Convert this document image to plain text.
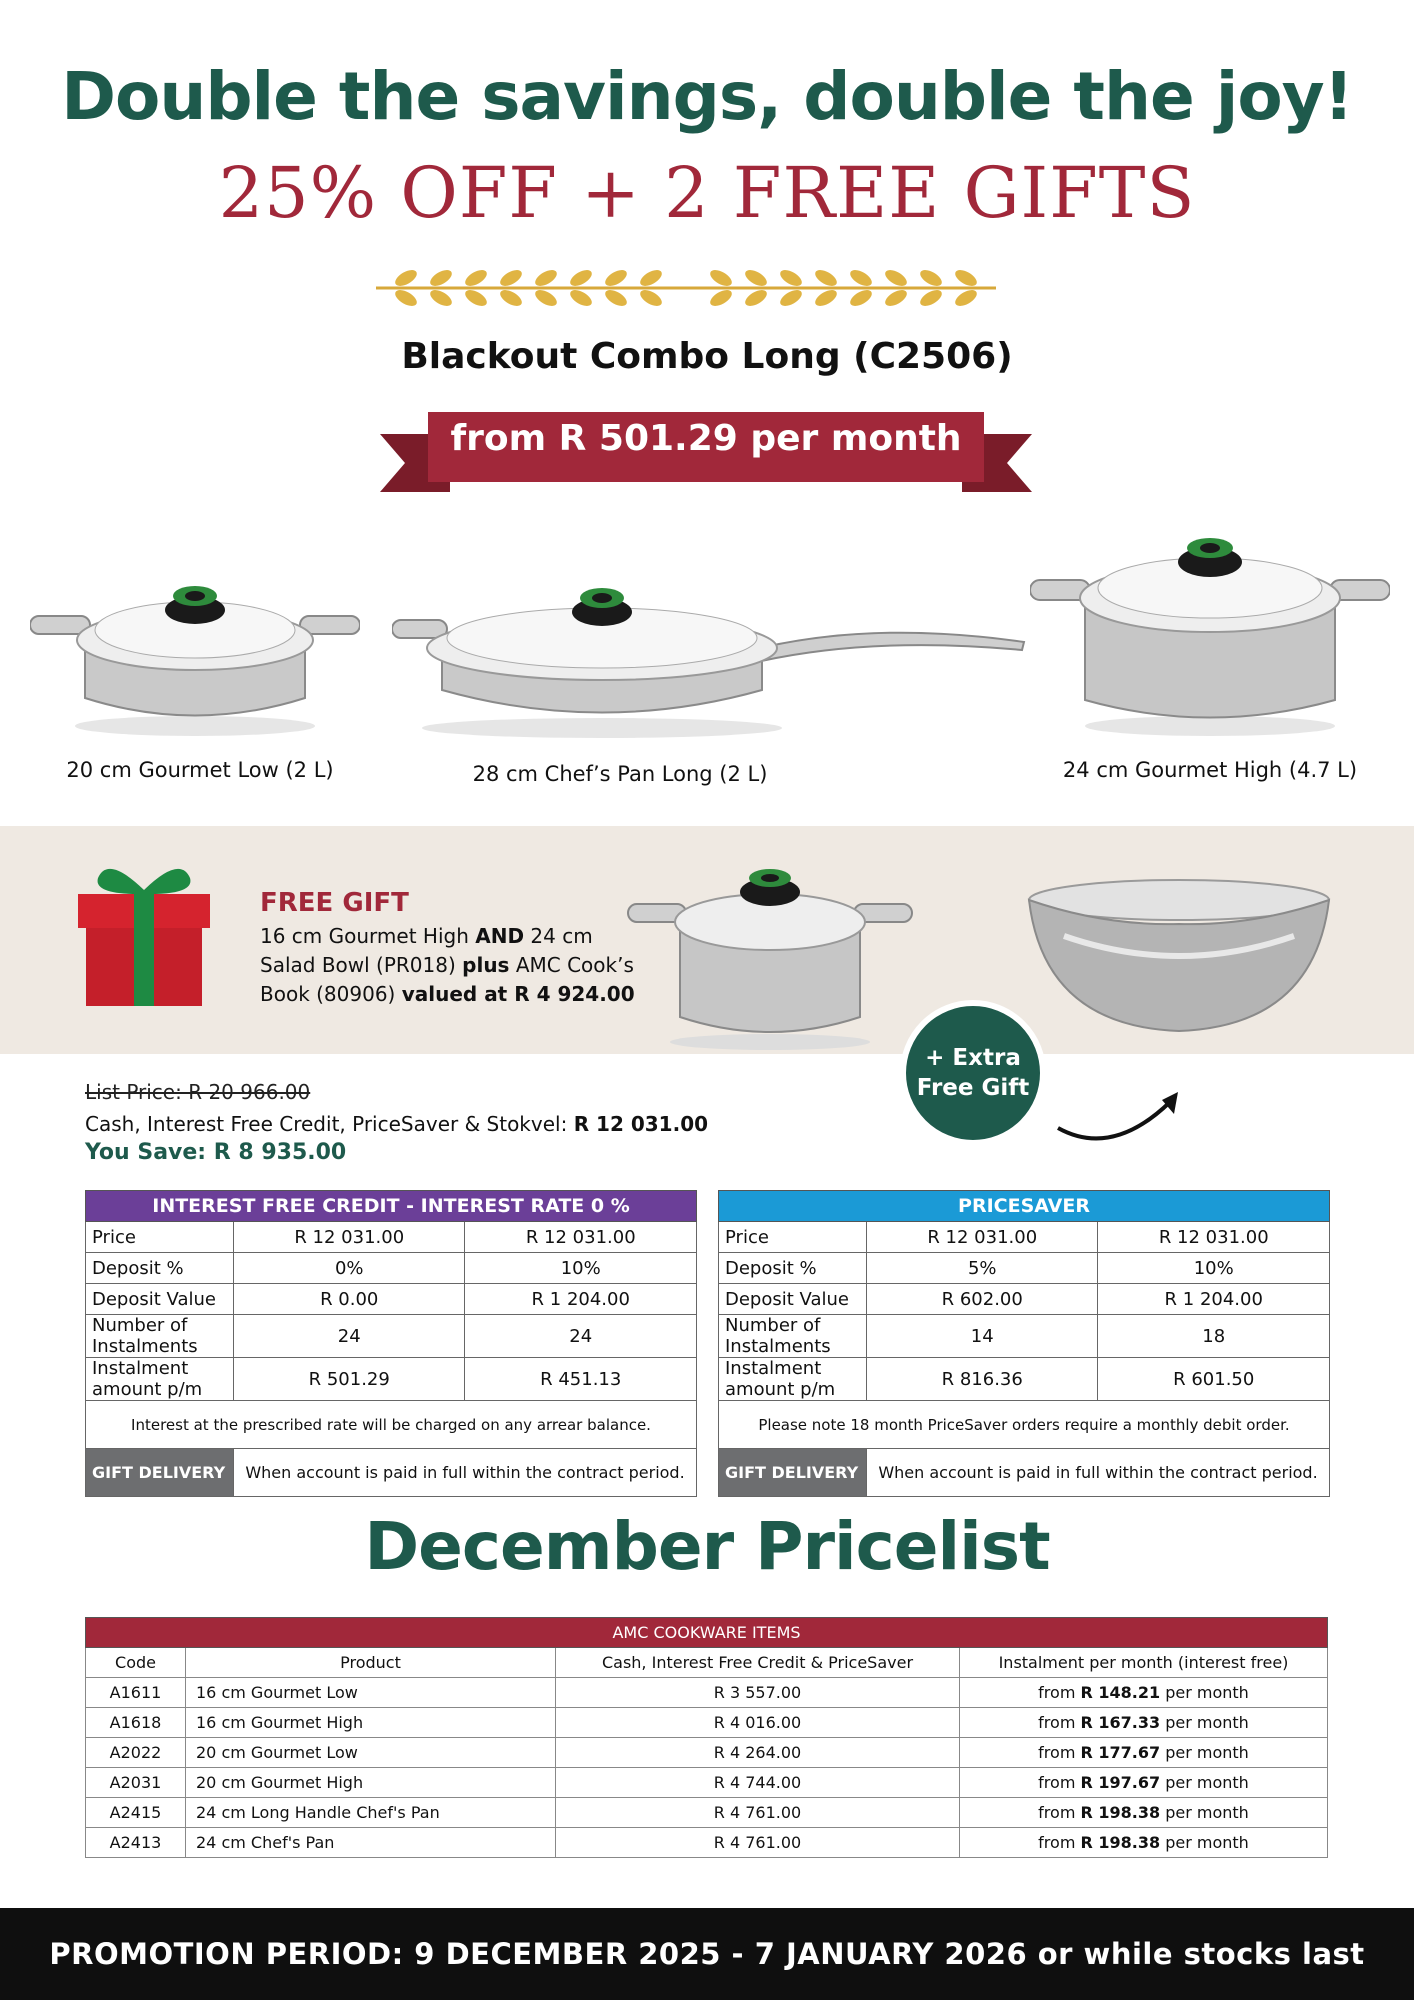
Double the savings, double the joy!
25% OFF + 2 FREE GIFTS
Blackout Combo Long (C2506)
from R 501.29 per month
20 cm Gourmet Low (2 L)	28 cm Chef’s Pan Long (2 L)	24 cm Gourmet High (4.7 L)
FREE GIFT
16 cm Gourmet High AND 24 cm
Salad Bowl (PR018) plus AMC Cook’s
Book (80906) valued at R 4 924.00
+ Extra
Free Gift
List Price: R 20 966.00
Cash, Interest Free Credit, PriceSaver & Stokvel: R 12 031.00
You Save: R 8 935.00
INTEREST FREE CREDIT - INTEREST RATE 0 %		
Price	R 12 031.00	R 12 031.00
Deposit %	0%	10%
Deposit Value	R 0.00	R 1 204.00
Number of Instalments	24	24
Instalment amount p/m	R 501.29	R 451.13
Interest at the prescribed rate will be charged on any arrear balance.		
GIFT DELIVERY	When account is paid in full within the contract period.	
PRICESAVER		
Price	R 12 031.00	R 12 031.00
Deposit %	5%	10%
Deposit Value	R 602.00	R 1 204.00
Number of Instalments	14	18
Instalment amount p/m	R 816.36	R 601.50
Please note 18 month PriceSaver orders require a monthly debit order.		
GIFT DELIVERY	When account is paid in full within the contract period.	
December Pricelist
AMC COOKWARE ITEMS			
Code	Product	Cash, Interest Free Credit & PriceSaver	Instalment per month (interest free)
A1611	16 cm Gourmet Low	R 3 557.00	from R 148.21 per month
A1618	16 cm Gourmet High	R 4 016.00	from R 167.33 per month
A2022	20 cm Gourmet Low	R 4 264.00	from R 177.67 per month
A2031	20 cm Gourmet High	R 4 744.00	from R 197.67 per month
A2415	24 cm Long Handle Chef's Pan	R 4 761.00	from R 198.38 per month
A2413	24 cm Chef's Pan	R 4 761.00	from R 198.38 per month
PROMOTION PERIOD: 9 DECEMBER 2025 - 7 JANUARY 2026 or while stocks last
